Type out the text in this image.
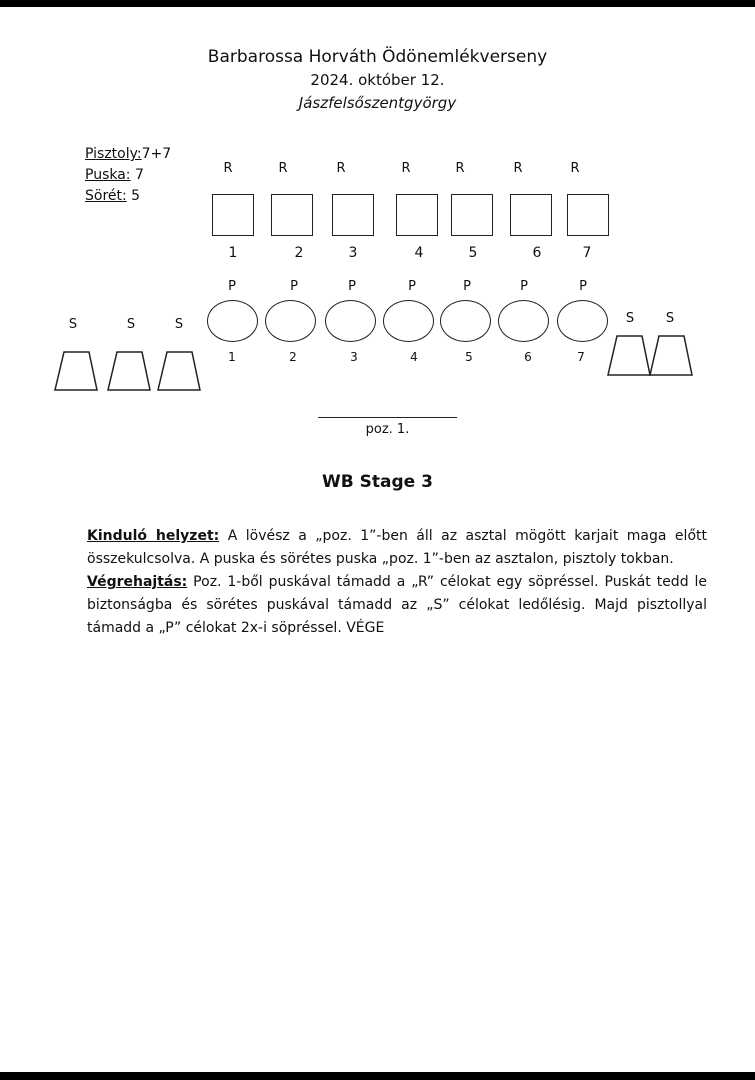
Barbarossa Horváth Ödönemlékverseny
2024. október 12.
Jászfelsőszentgyörgy
Pisztoly:7+7
Puska: 7
Sörét: 5
R	R	R	R	R	R	R
1	2	3	4	5	6	7
P	P	P	P	P	P	P
1	2	3	4	5	6	7
S	S	S	S	S
poz. 1.
WB Stage 3
Kinduló helyzet: A lövész a „poz. 1”-ben áll az asztal mögött karjait maga előtt összekulcsolva. A puska és sörétes puska „poz. 1”-ben az asztalon, pisztoly tokban.
Végrehajtás: Poz. 1-ből puskával támadd a „R” célokat egy söpréssel. Puskát tedd le biztonságba és sörétes puskával támadd az „S” célokat ledőlésig. Majd pisztollyal támadd a „P” célokat 2x-i söpréssel. VÉGE
